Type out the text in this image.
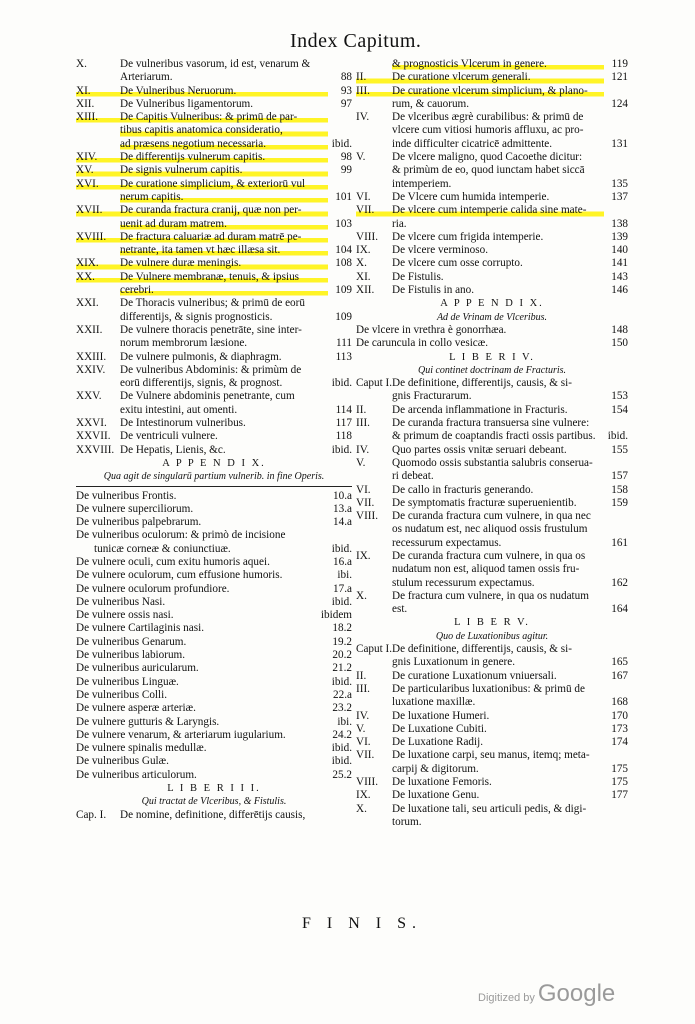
Index Capitum.
X.	De vulneribus vasorum, id est, venarum &
Arteriarum.	88
XI.	De Vulneribus Neruorum.	93
XII.	De Vulneribus ligamentorum.	97
XIII.	De Capitis Vulneribus: & primū de par-
tibus capitis anatomica consideratio,
ad præsens negotium necessaria.	ibid.
XIV.	De differentijs vulnerum capitis.	98
XV.	De signis vulnerum capitis.	99
XVI.	De curatione simplicium, & exteriorū vul
nerum capitis.	101
XVII.	De curanda fractura cranij, quæ non per-
uenit ad duram matrem.	103
XVIII.	De fractura caluariæ ad duram matrē pe-
netrante, ita tamen vt hæc illæsa sit.	104
XIX.	De vulnere duræ meningis.	108
XX.	De Vulnere membranæ, tenuis, & ipsius
cerebri.	109
XXI.	De Thoracis vulneribus; & primū de eorū
differentijs, & signis prognosticis.	109
XXII.	De vulnere thoracis penetrāte, sine inter-
norum membrorum læsione.	111
XXIII.	De vulnere pulmonis, & diaphragm.	113
XXIV.	De vulneribus Abdominis: & primùm de
eorū differentijs, signis, & prognost.	ibid.
XXV.	De Vulnere abdominis penetrante, cum
exitu intestini, aut omenti.	114
XXVI.	De Intestinorum vulneribus.	117
XXVII. De ventriculi vulnere.	118
XXVIII. De Hepatis, Lienis, &c.	ibid.
A P P E N D I X.
Qua agit de singularū partium vulnerib. in fine Operis.
De vulneribus Frontis.	10.a
De vulnere superciliorum.	13.a
De vulneribus palpebrarum.	14.a
De vulneribus oculorum: & primò de incisione
tunicæ corneæ & coniunctiuæ.	ibid.
De vulnere oculi, cum exitu humoris aquei.	16.a
De vulnere oculorum, cum effusione humoris.	ibi.
De vulnere oculorum profundiore.	17.a
De vulneribus Nasi.	ibid.
De vulnere ossis nasi.	ibidem
De vulnere Cartilaginis nasi.	18.2
De vulneribus Genarum.	19.2
De vulneribus labiorum.	20.2
De vulneribus auricularum.	21.2
De vulneribus Linguæ.	ibid.
De vulneribus Colli.	22.a
De vulnere asperæ arteriæ.	23.2
De vulnere gutturis & Laryngis.	ibi.
De vulnere venarum, & arteriarum iugularium.	24.2
De vulnere spinalis medullæ.	ibid.
De vulneribus Gulæ.	ibid.
De vulneribus articulorum.	25.2
L I B E R I I I.
Qui tractat de Vlceribus, & Fistulis.
Cap. I.	De nomine, definitione, differētijs causis,
& prognosticis Vlcerum in genere.	119
II.	De curatione vlcerum generali.	121
III.	De curatione vlcerum simplicium, & plano-
rum, & cauorum.	124
IV.	De vlceribus ægrè curabilibus: & primū de
vlcere cum vitiosi humoris affluxu, ac pro-
inde difficulter cicatricē admittente.	131
V.	De vlcere maligno, quod Cacoethe dicitur:
& primùm de eo, quod iunctam habet siccā
intemperiem.	135
VI.	De Vlcere cum humida intemperie.	137
VII.	De vlcere cum intemperie calida sine mate-
ria.	138
VIII.	De vlcere cum frigida intemperie.	139
IX.	De vlcere verminoso.	140
X.	De vlcere cum osse corrupto.	141
XI.	De Fistulis.	143
XII.	De Fistulis in ano.	146
A P P E N D I X.
Ad de Vrinam de Vlceribus.
De vlcere in vrethra è gonorrhæa.	148
De caruncula in collo vesicæ.	150
L I B E R I V.
Qui continet doctrinam de Fracturis.
Caput I. De definitione, differentijs, causis, & si-
gnis Fracturarum.	153
II.	De arcenda inflammatione in Fracturis.	154
III.	De curanda fractura transuersa sine vulnere:
& primum de coaptandis fracti ossis partibus.	ibid.
IV.	Quo partes ossis vnitæ seruari debeant.	155
V.	Quomodo ossis substantia salubris conserua-
ri debeat.	157
VI.	De callo in fracturis generando.	158
VII.	De symptomatis fracturæ superuenientib.	159
VIII.	De curanda fractura cum vulnere, in qua nec
os nudatum est, nec aliquod ossis frustulum
recessurum expectamus.	161
IX.	De curanda fractura cum vulnere, in qua os
nudatum non est, aliquod tamen ossis fru-
stulum recessurum expectamus.	162
X.	De fractura cum vulnere, in qua os nudatum
est.	164
L I B E R V.
Quo de Luxationibus agitur.
Caput I. De definitione, differentijs, causis, & si-
gnis Luxationum in genere.	165
II.	De curatione Luxationum vniuersali.	167
III.	De particularibus luxationibus: & primū de
luxatione maxillæ.	168
IV.	De luxatione Humeri.	170
V.	De Luxatione Cubiti.	173
VI.	De Luxatione Radij.	174
VII.	De luxatione carpi, seu manus, itemq; meta-
carpij & digitorum.	175
VIII.	De luxatione Femoris.	175
IX.	De luxatione Genu.	177
X.	De luxatione tali, seu articuli pedis, & digi-
torum.
F I N I S.
Digitized by Google
